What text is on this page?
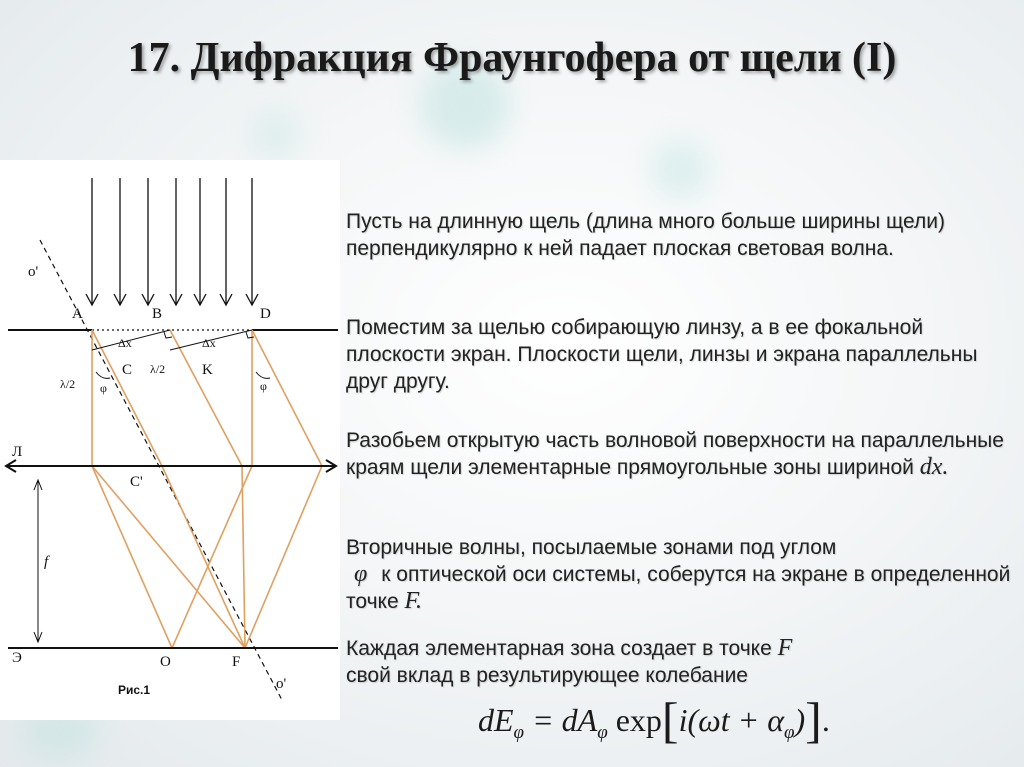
17. Дифракция Фраунгофера от щели (I)
o'
A	B	D
Δx	Δx
λ/2
λ/2
C	K
φ	φ
Л
C'
f
Э	O	F
o'
Рис.1
Пусть на длинную щель (длина много больше ширины щели) перпендикулярно к ней падает плоская световая волна.
Поместим за щелью собирающую линзу, а в ее фокальной плоскости экран. Плоскости щели, линзы и экрана параллельны друг другу.
Разобьем открытую часть волновой поверхности на параллельные краям щели элементарные прямоугольные зоны шириной dx.
Вторичные волны, посылаемые зонами под углом
φ к оптической оси системы, соберутся на экране в определенной точке F.
Каждая элементарная зона создает в точке F
свой вклад в результирующее колебание
$dE_\varphi = dA_\varphi$ $\exp[i(\omega t + \alpha_\varphi)]$.
